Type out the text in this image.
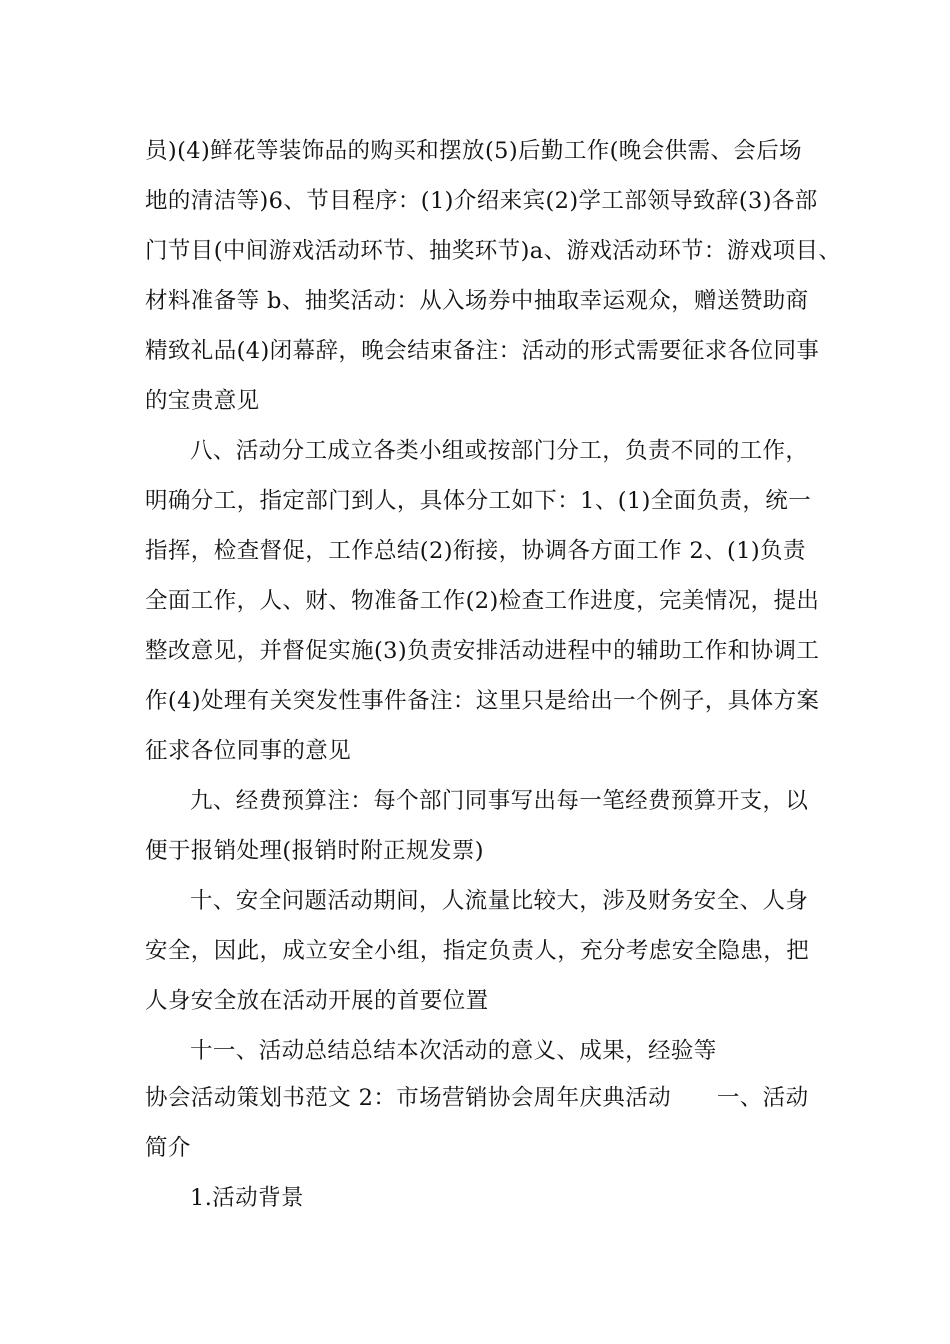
员)(4)鲜花等装饰品的购买和摆放(5)后勤工作(晚会供需、会后场
地的清洁等)6、节目程序：(1)介绍来宾(2)学工部领导致辞(3)各部
门节目(中间游戏活动环节、抽奖环节)a、游戏活动环节：游戏项目、
材料准备等 b、抽奖活动：从入场券中抽取幸运观众，赠送赞助商
精致礼品(4)闭幕辞，晚会结束备注：活动的形式需要征求各位同事
的宝贵意见
八、活动分工成立各类小组或按部门分工，负责不同的工作，
明确分工，指定部门到人，具体分工如下：1、(1)全面负责，统一
指挥，检查督促，工作总结(2)衔接，协调各方面工作 2、(1)负责
全面工作，人、财、物准备工作(2)检查工作进度，完美情况，提出
整改意见，并督促实施(3)负责安排活动进程中的辅助工作和协调工
作(4)处理有关突发性事件备注：这里只是给出一个例子，具体方案
征求各位同事的意见
九、经费预算注：每个部门同事写出每一笔经费预算开支，以
便于报销处理(报销时附正规发票)
十、安全问题活动期间，人流量比较大，涉及财务安全、人身
安全，因此，成立安全小组，指定负责人，充分考虑安全隐患，把
人身安全放在活动开展的首要位置
十一、活动总结总结本次活动的意义、成果，经验等
协会活动策划书范文 2：市场营销协会周年庆典活动　　一、活动
简介
1.活动背景
